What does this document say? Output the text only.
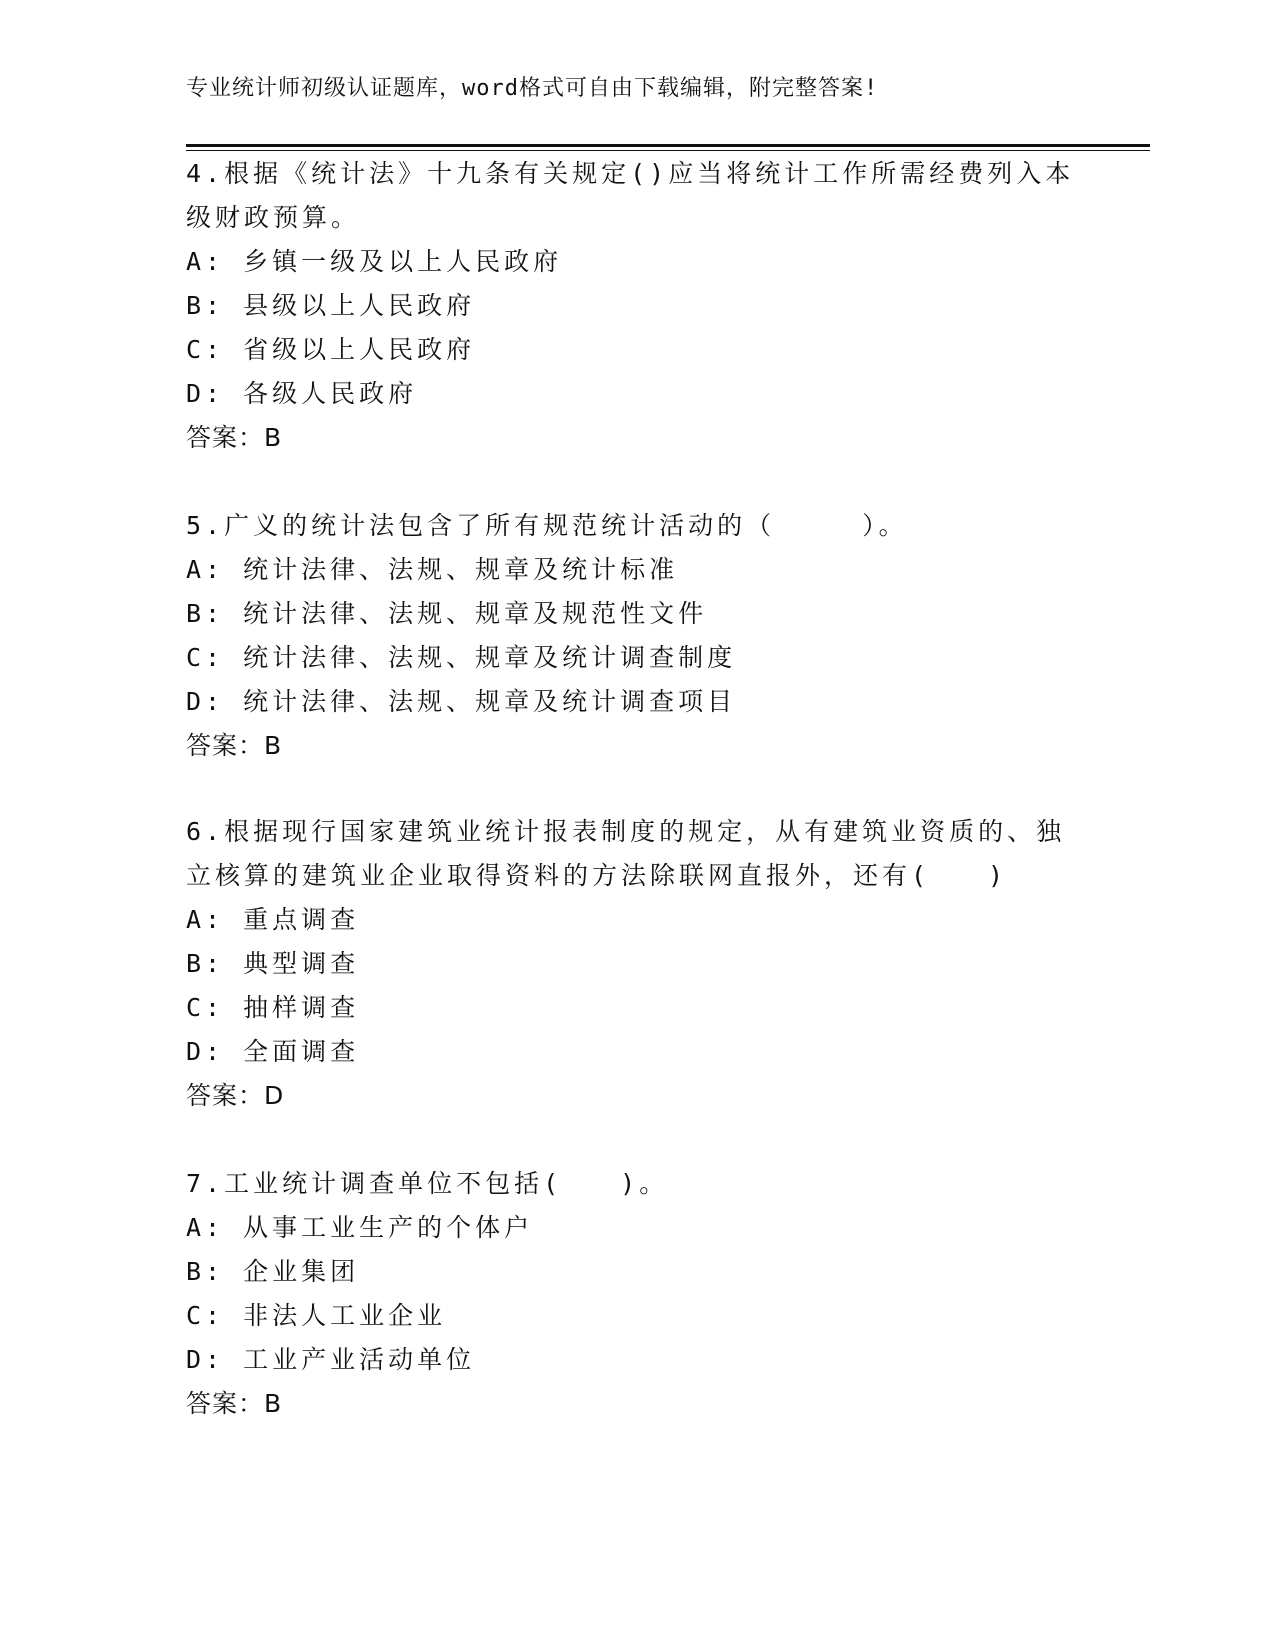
专业统计师初级认证题库，word格式可自由下载编辑，附完整答案!
4.根据《统计法》十九条有关规定()应当将统计工作所需经费列入本
级财政预算。
A: 乡镇一级及以上人民政府
B: 县级以上人民政府
C: 省级以上人民政府
D: 各级人民政府
答案：B
5.广义的统计法包含了所有规范统计活动的（　　　）。
A: 统计法律、法规、规章及统计标准
B: 统计法律、法规、规章及规范性文件
C: 统计法律、法规、规章及统计调查制度
D: 统计法律、法规、规章及统计调查项目
答案：B
6.根据现行国家建筑业统计报表制度的规定，从有建筑业资质的、独
立核算的建筑业企业取得资料的方法除联网直报外，还有(　　)
A: 重点调查
B: 典型调查
C: 抽样调查
D: 全面调查
答案：D
7.工业统计调查单位不包括(　　)。
A: 从事工业生产的个体户
B: 企业集团
C: 非法人工业企业
D: 工业产业活动单位
答案：B
